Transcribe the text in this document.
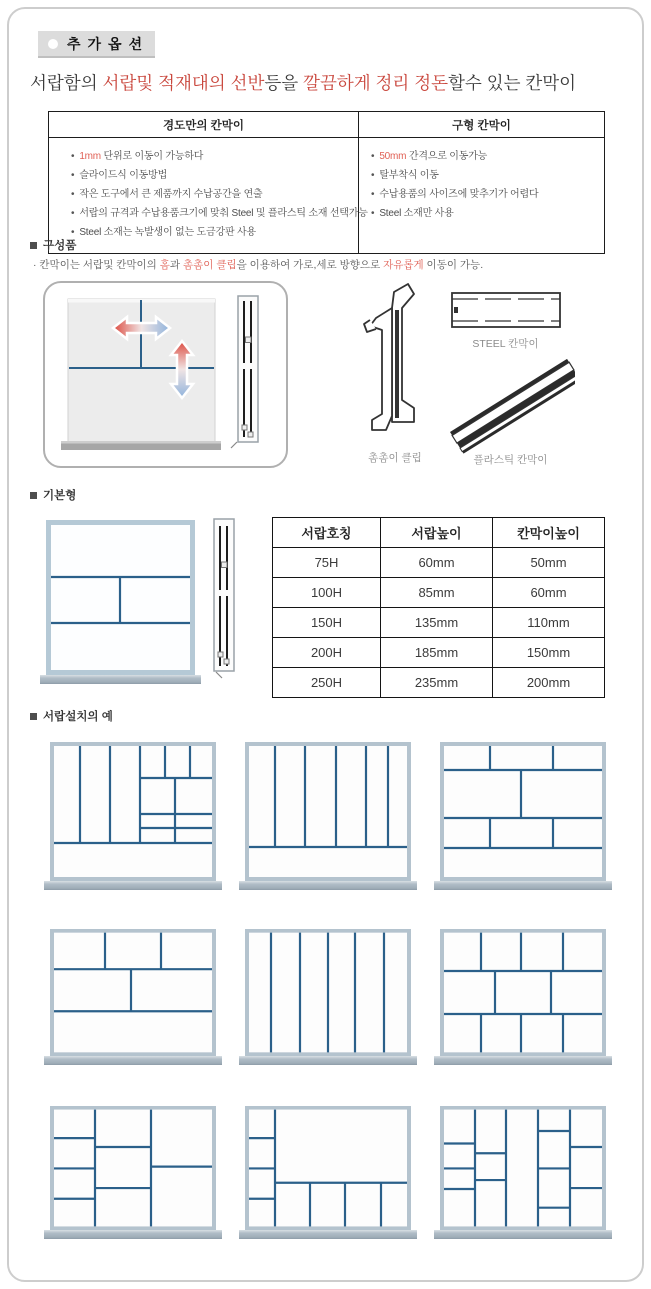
추가옵션
서랍함의 서랍및 적재대의 선반등을 깔끔하게 정리 정돈할수 있는 칸막이
경도만의 칸막이	구형 칸막이

• 1mm 단위로 이동이 가능하다
• 슬라이드식 이동방법
• 작은 도구에서 큰 제품까지 수납공간을 연출
• 서랍의 규격과 수납용품크기에 맞춰 Steel 및 플라스틱 소재 선택가능
• Steel 소재는 녹발생이 없는 도금강판 사용

• 50mm 간격으로 이동가능
• 탈부착식 이동
• 수납용품의 사이즈에 맞추기가 어렵다
• Steel 소재만 사용
구성품
· 칸막이는 서랍및 칸막이의 홈과 촘촘이 클립을 이용하여 가로,세로 방향으로 자유롭게 이동이 가능.
촘촘이 클립
STEEL 칸막이
플라스틱 칸막이
기본형
서랍호칭	서랍높이	칸막이높이
75H	60mm	50mm
100H	85mm	60mm
150H	135mm	110mm
200H	185mm	150mm
250H	235mm	200mm
서랍설치의 예
